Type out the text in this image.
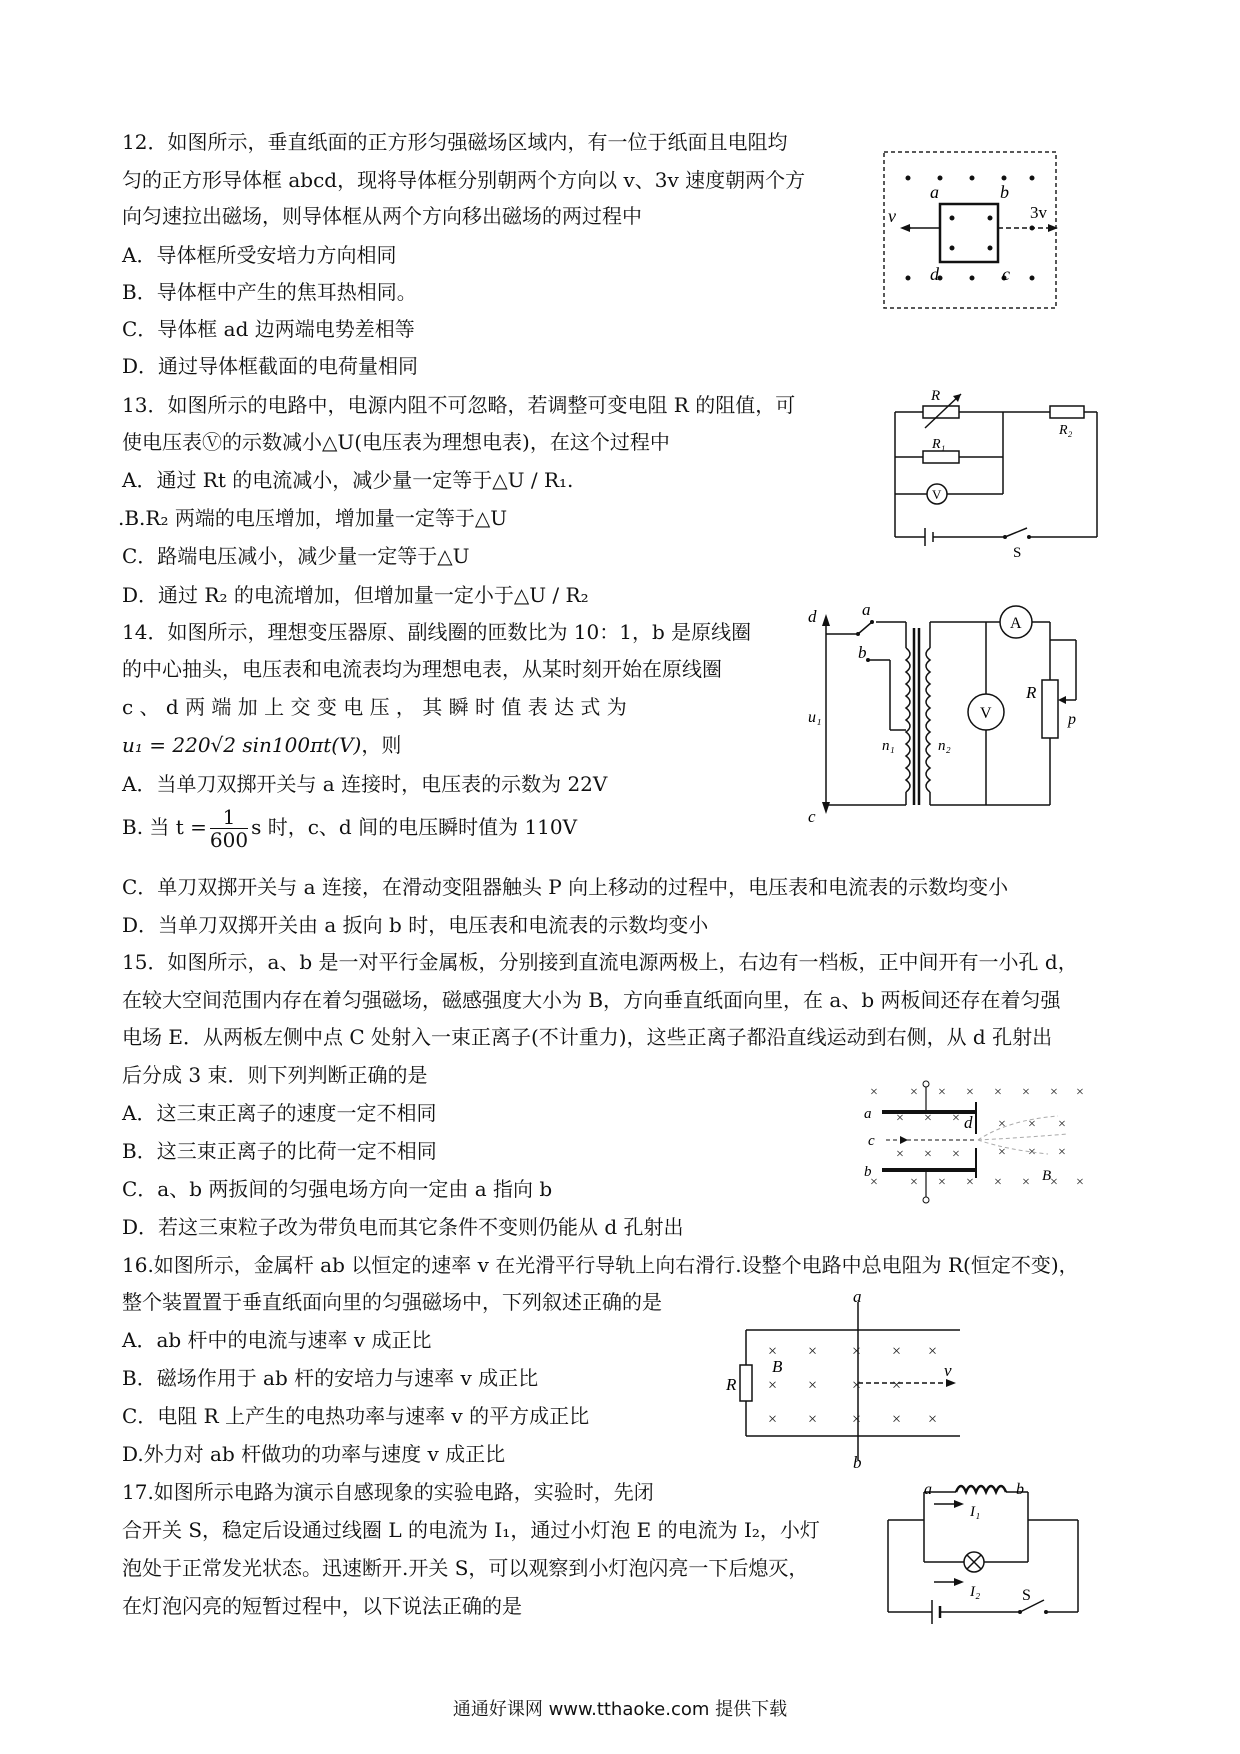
12．如图所示，垂直纸面的正方形匀强磁场区域内，有一位于纸面且电阻均
匀的正方形导体框 abcd，现将导体框分别朝两个方向以 v、3v 速度朝两个方
向匀速拉出磁场，则导体框从两个方向移出磁场的两过程中
A．导体框所受安培力方向相同
B．导体框中产生的焦耳热相同。
C．导体框 ad 边两端电势差相等
D．通过导体框截面的电荷量相同
a	b
c
d
v	3v
13．如图所示的电路中，电源内阻不可忽略，若调整可变电阻 R 的阻值，可
使电压表Ⓥ的示数减小△U(电压表为理想电表)，在这个过程中
A．通过 Rt 的电流减小，减少量一定等于△U / R₁.
.B.R₂ 两端的电压增加，增加量一定等于△U
C．路端电压减小，减少量一定等于△U
D．通过 R₂ 的电流增加，但增加量一定小于△U / R₂
R
R₁
R₂
V
S
14．如图所示，理想变压器原、副线圈的匝数比为 10：1，b 是原线圈
的中心抽头，电压表和电流表均为理想电表，从某时刻开始在原线圈
c 、 d 两 端 加 上 交 变 电 压 ， 其 瞬 时 值 表 达 式 为
u₁ = 220√2 sin100πt(V)，则
A．当单刀双掷开关与 a 连接时，电压表的示数为 22V
B. 当 $t = \frac{1}{600}$ s 时，c、d 间的电压瞬时值为 110V
C．单刀双掷开关与 a 连接，在滑动变阻器触头 P 向上移动的过程中，电压表和电流表的示数均变小
D．当单刀双掷开关由 a 扳向 b 时，电压表和电流表的示数均变小
a
b
d
c
u₁
n₁	n₂
A
V
R
p
15．如图所示，a、b 是一对平行金属板，分别接到直流电源两极上，右边有一档板，正中间开有一小孔 d，
在较大空间范围内存在着匀强磁场，磁感强度大小为 B，方向垂直纸面向里，在 a、b 两板间还存在着匀强
电场 E．从两板左侧中点 C 处射入一束正离子(不计重力)，这些正离子都沿直线运动到右侧，从 d 孔射出
后分成 3 束．则下列判断正确的是
A．这三束正离子的速度一定不相同
B．这三束正离子的比荷一定不相同
C．a、b 两扳间的匀强电场方向一定由 a 指向 b
D．若这三束粒子改为带负电而其它条件不变则仍能从 d 孔射出
× × × × × × × ×
× × × × × × × ×
× × ×	× × ×
× × ×	× × ×
a
b
c
d
B
16.如图所示，金属杆 ab 以恒定的速率 v 在光滑平行导轨上向右滑行.设整个电路中总电阻为 R(恒定不变)，
整个装置置于垂直纸面向里的匀强磁场中，下列叙述正确的是
A．ab 杆中的电流与速率 v 成正比
B．磁场作用于 ab 杆的安培力与速率 v 成正比
C．电阻 R 上产生的电热功率与速率 v 的平方成正比
D.外力对 ab 杆做功的功率与速度 v 成正比
× × × × ×
× × × ×
× × × × ×
a
b
B
R
v
17.如图所示电路为演示自感现象的实验电路，实验时，先闭
合开关 S，稳定后设通过线圈 L 的电流为 I₁，通过小灯泡 E 的电流为 I₂，小灯
泡处于正常发光状态。迅速断开.开关 S，可以观察到小灯泡闪亮一下后熄灭，
在灯泡闪亮的短暂过程中，以下说法正确的是
a	b
I₁
I₂	S
通通好课网 www.tthaoke.com 提供下载
